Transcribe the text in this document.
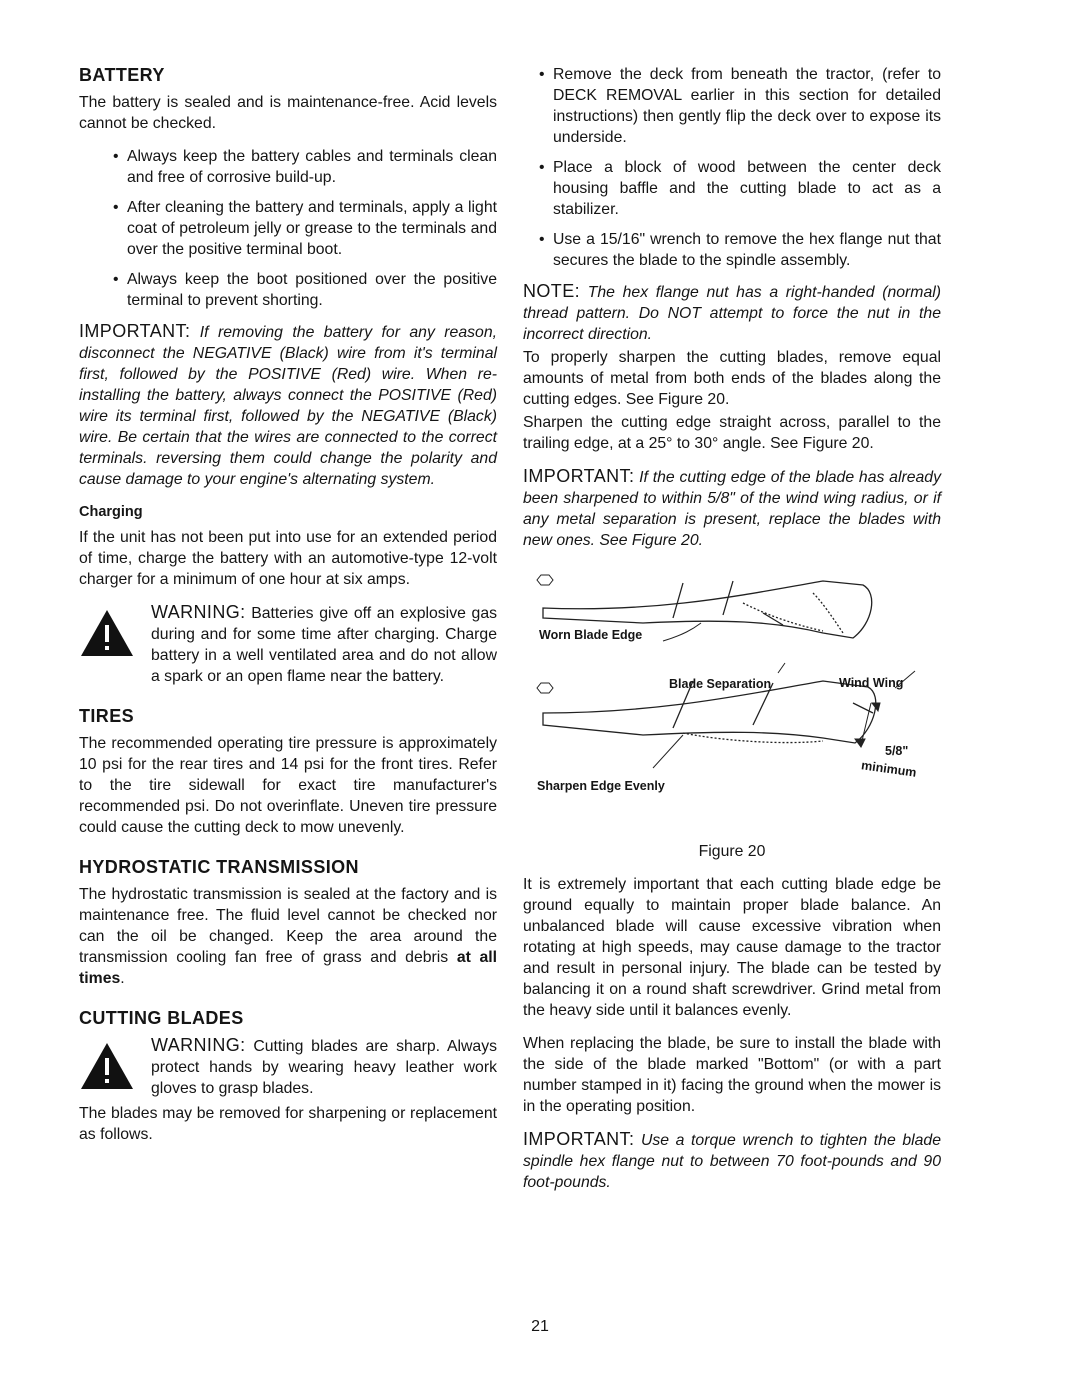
BATTERY

The battery is sealed and is maintenance-free. Acid levels cannot be checked.

• Always keep the battery cables and terminals clean and free of corrosive build-up.
• After cleaning the battery and terminals, apply a light coat of petroleum jelly or grease to the terminals and over the positive terminal boot.
• Always keep the boot positioned over the positive terminal to prevent shorting.

IMPORTANT: If removing the battery for any reason, disconnect the NEGATIVE (Black) wire from it's terminal first, followed by the POSITIVE (Red) wire. When re-installing the battery, always connect the POSITIVE (Red) wire its terminal first, followed by the NEGATIVE (Black) wire. Be certain that the wires are connected to the correct terminals. reversing them could change the polarity and cause damage to your engine's alternating system.

Charging

If the unit has not been put into use for an extended period of time, charge the battery with an automotive-type 12-volt charger for a minimum of one hour at six amps.

WARNING: Batteries give off an explosive gas during and for some time after charging. Charge battery in a well ventilated area and do not allow a spark or an open flame near the battery.
TIRES

The recommended operating tire pressure is approximately 10 psi for the rear tires and 14 psi for the front tires. Refer to the tire sidewall for exact tire manufacturer's recommended psi. Do not overinflate. Uneven tire pressure could cause the cutting deck to mow unevenly.

HYDROSTATIC TRANSMISSION

The hydrostatic transmission is sealed at the factory and is maintenance free. The fluid level cannot be checked nor can the oil be changed. Keep the area around the transmission cooling fan free of grass and debris at all times.

CUTTING BLADES
WARNING: Cutting blades are sharp. Always protect hands by wearing heavy leather work gloves to grasp blades.

The blades may be removed for sharpening or replacement as follows.

• Remove the deck from beneath the tractor, (refer to DECK REMOVAL earlier in this section for detailed instructions) then gently flip the deck over to expose its underside.
• Place a block of wood between the center deck housing baffle and the cutting blade to act as a stabilizer.
• Use a 15/16" wrench to remove the hex flange nut that secures the blade to the spindle assembly.

NOTE: The hex flange nut has a right-handed (normal) thread pattern. Do NOT attempt to force the nut in the incorrect direction.

To properly sharpen the cutting blades, remove equal amounts of metal from both ends of the blades along the cutting edges. See Figure 20.

Sharpen the cutting edge straight across, parallel to the trailing edge, at a 25° to 30° angle. See Figure 20.

IMPORTANT: If the cutting edge of the blade has already been sharpened to within 5/8" of the wind wing radius, or if any metal separation is present, replace the blades with new ones. See Figure 20.

Worn Blade Edge
Blade Separation	Wind Wing
5/8"
minimum
Sharpen Edge Evenly

Figure 20

It is extremely important that each cutting blade edge be ground equally to maintain proper blade balance. An unbalanced blade will cause excessive vibration when rotating at high speeds, may cause damage to the tractor and result in personal injury. The blade can be tested by balancing it on a round shaft screwdriver. Grind metal from the heavy side until it balances evenly.

When replacing the blade, be sure to install the blade with the side of the blade marked "Bottom" (or with a part number stamped in it) facing the ground when the mower is in the operating position.

IMPORTANT: Use a torque wrench to tighten the blade spindle hex flange nut to between 70 foot-pounds and 90 foot-pounds.

21
